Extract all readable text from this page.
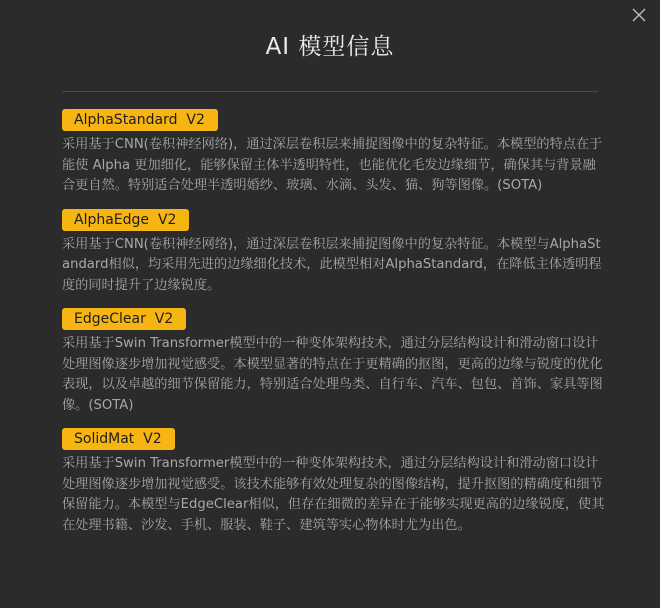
AI 模型信息
AlphaStandard  V2

采用基于CNN(卷积神经网络)，通过深层卷积层来捕捉图像中的复杂特征。本模型的特点在于能使 Alpha 更加细化，能够保留主体半透明特性，也能优化毛发边缘细节，确保其与背景融合更自然。特别适合处理半透明婚纱、玻璃、水滴、头发、猫、狗等图像。(SOTA)

AlphaEdge  V2

采用基于CNN(卷积神经网络)，通过深层卷积层来捕捉图像中的复杂特征。本模型与AlphaStandard相似，均采用先进的边缘细化技术，此模型相对AlphaStandard，在降低主体透明程度的同时提升了边缘锐度。

EdgeClear  V2

采用基于Swin Transformer模型中的一种变体架构技术，通过分层结构设计和滑动窗口设计处理图像逐步增加视觉感受。本模型显著的特点在于更精确的抠图，更高的边缘与锐度的优化表现，以及卓越的细节保留能力，特别适合处理鸟类、自行车、汽车、包包、首饰、家具等图像。(SOTA)

SolidMat  V2

采用基于Swin Transformer模型中的一种变体架构技术，通过分层结构设计和滑动窗口设计处理图像逐步增加视觉感受。该技术能够有效处理复杂的图像结构，提升抠图的精确度和细节保留能力。本模型与EdgeClear相似，但存在细微的差异在于能够实现更高的边缘锐度，使其在处理书籍、沙发、手机、服装、鞋子、建筑等实心物体时尤为出色。
